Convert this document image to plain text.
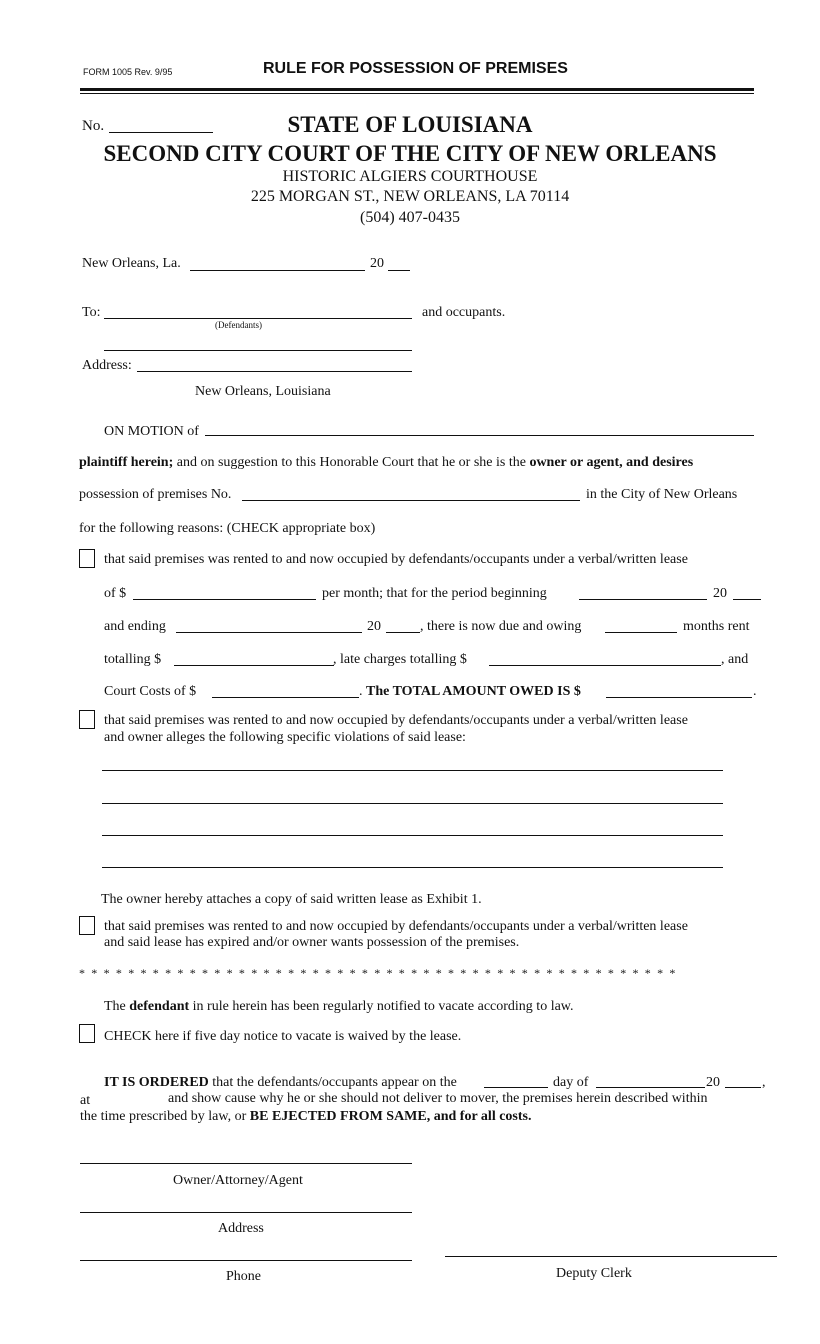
FORM 1005 Rev. 9/95	RULE FOR POSSESSION OF PREMISES
No.	STATE OF LOUISIANA
SECOND CITY COURT OF THE CITY OF NEW ORLEANS
HISTORIC ALGIERS COURTHOUSE
225 MORGAN ST., NEW ORLEANS, LA 70114
(504) 407-0435
New Orleans, La.	20
To:
(Defendants)
and occupants.
Address:
New Orleans, Louisiana
ON MOTION of
plaintiff herein; and on suggestion to this Honorable Court that he or she is the owner or agent, and desires
possession of premises No.	in the City of New Orleans
for the following reasons: (CHECK appropriate box)
that said premises was rented to and now occupied by defendants/occupants under a verbal/written lease
of $	per month; that for the period beginning	20
and ending	20	, there is now due and owing	months rent
totalling $	, late charges totalling $	, and
Court Costs of $	. The TOTAL AMOUNT OWED IS $	.
that said premises was rented to and now occupied by defendants/occupants under a verbal/written lease
and owner alleges the following specific violations of said lease:
The owner hereby attaches a copy of said written lease as Exhibit 1.
that said premises was rented to and now occupied by defendants/occupants under a verbal/written lease
and said lease has expired and/or owner wants possession of the premises.
* * * * * * * * * * * * * * * * * * * * * * * * * * * * * * * * * * * * * * * * * * * * * * * * *
The defendant in rule herein has been regularly notified to vacate according to law.
CHECK here if five day notice to vacate is waived by the lease.
IT IS ORDERED that the defendants/occupants appear on the	day of	20	,
at	and show cause why he or she should not deliver to mover, the premises herein described within
the time prescribed by law, or BE EJECTED FROM SAME, and for all costs.
Owner/Attorney/Agent
Address
Phone	Deputy Clerk
